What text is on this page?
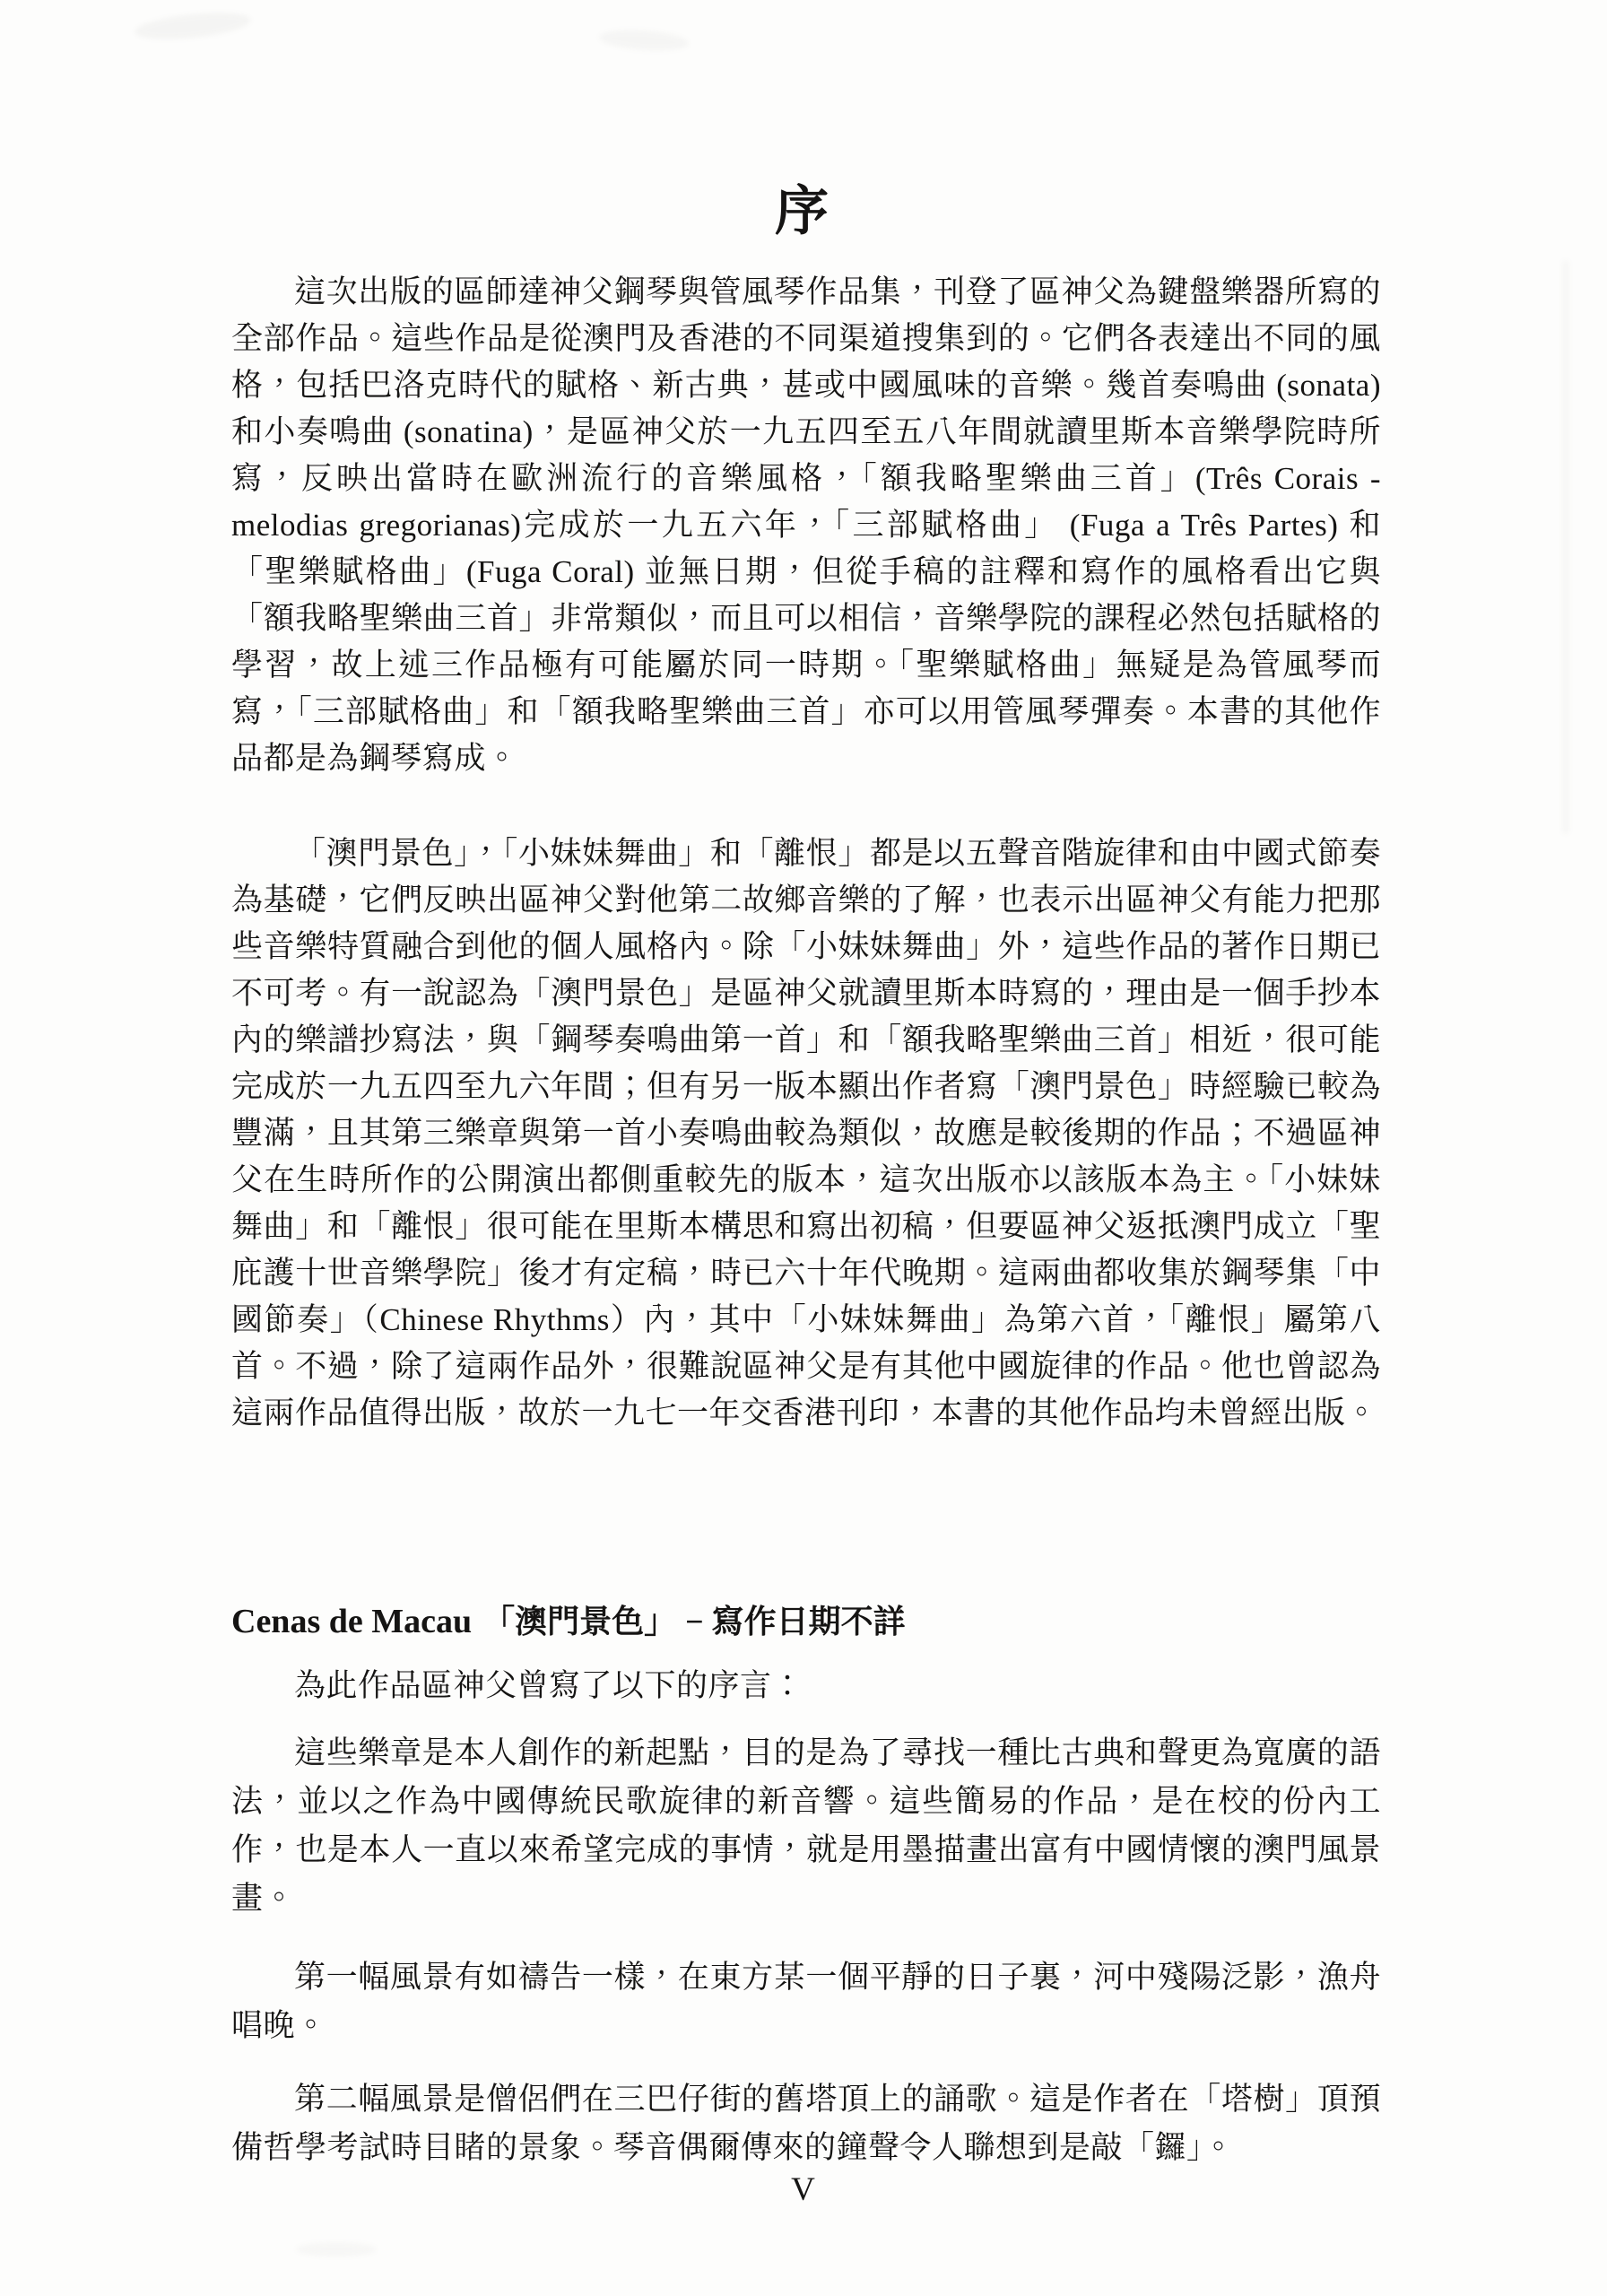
序

這次出版的區師達神父鋼琴與管風琴作品集，刊登了區神父為鍵盤樂器所寫的全部作品。這些作品是從澳門及香港的不同渠道搜集到的。它們各表達出不同的風格，包括巴洛克時代的賦格、新古典，甚或中國風味的音樂。幾首奏鳴曲 (sonata) 和小奏鳴曲 (sonatina)，是區神父於一九五四至五八年間就讀里斯本音樂學院時所寫，反映出當時在歐洲流行的音樂風格，「額我略聖樂曲三首」(Três Corais - melodias gregorianas)完成於一九五六年，「三部賦格曲」 (Fuga a Três Partes) 和「聖樂賦格曲」(Fuga Coral) 並無日期，但從手稿的註釋和寫作的風格看出它與「額我略聖樂曲三首」非常類似，而且可以相信，音樂學院的課程必然包括賦格的學習，故上述三作品極有可能屬於同一時期。「聖樂賦格曲」無疑是為管風琴而寫，「三部賦格曲」和「額我略聖樂曲三首」亦可以用管風琴彈奏。本書的其他作品都是為鋼琴寫成。

「澳門景色」，「小妹妹舞曲」和「離恨」都是以五聲音階旋律和由中國式節奏為基礎，它們反映出區神父對他第二故鄉音樂的了解，也表示出區神父有能力把那些音樂特質融合到他的個人風格內。除「小妹妹舞曲」外，這些作品的著作日期已不可考。有一說認為「澳門景色」是區神父就讀里斯本時寫的，理由是一個手抄本內的樂譜抄寫法，與「鋼琴奏鳴曲第一首」和「額我略聖樂曲三首」相近，很可能完成於一九五四至九六年間；但有另一版本顯出作者寫「澳門景色」時經驗已較為豐滿，且其第三樂章與第一首小奏鳴曲較為類似，故應是較後期的作品；不過區神父在生時所作的公開演出都側重較先的版本，這次出版亦以該版本為主。「小妹妹舞曲」和「離恨」很可能在里斯本構思和寫出初稿，但要區神父返抵澳門成立「聖庇護十世音樂學院」後才有定稿，時已六十年代晚期。這兩曲都收集於鋼琴集「中國節奏」（Chinese Rhythms）內，其中「小妹妹舞曲」為第六首，「離恨」屬第八首。不過，除了這兩作品外，很難說區神父是有其他中國旋律的作品。他也曾認為這兩作品值得出版，故於一九七一年交香港刊印，本書的其他作品均未曾經出版。

Cenas de Macau 「澳門景色」 − 寫作日期不詳

為此作品區神父曾寫了以下的序言：

這些樂章是本人創作的新起點，目的是為了尋找一種比古典和聲更為寬廣的語法，並以之作為中國傳統民歌旋律的新音響。這些簡易的作品，是在校的份內工作，也是本人一直以來希望完成的事情，就是用墨描畫出富有中國情懷的澳門風景畫。

第一幅風景有如禱告一樣，在東方某一個平靜的日子裏，河中殘陽泛影，漁舟唱晚。

第二幅風景是僧侶們在三巴仔街的舊塔頂上的誦歌。這是作者在「塔樹」頂預備哲學考試時目睹的景象。琴音偶爾傳來的鐘聲令人聯想到是敲「鑼」。

V
